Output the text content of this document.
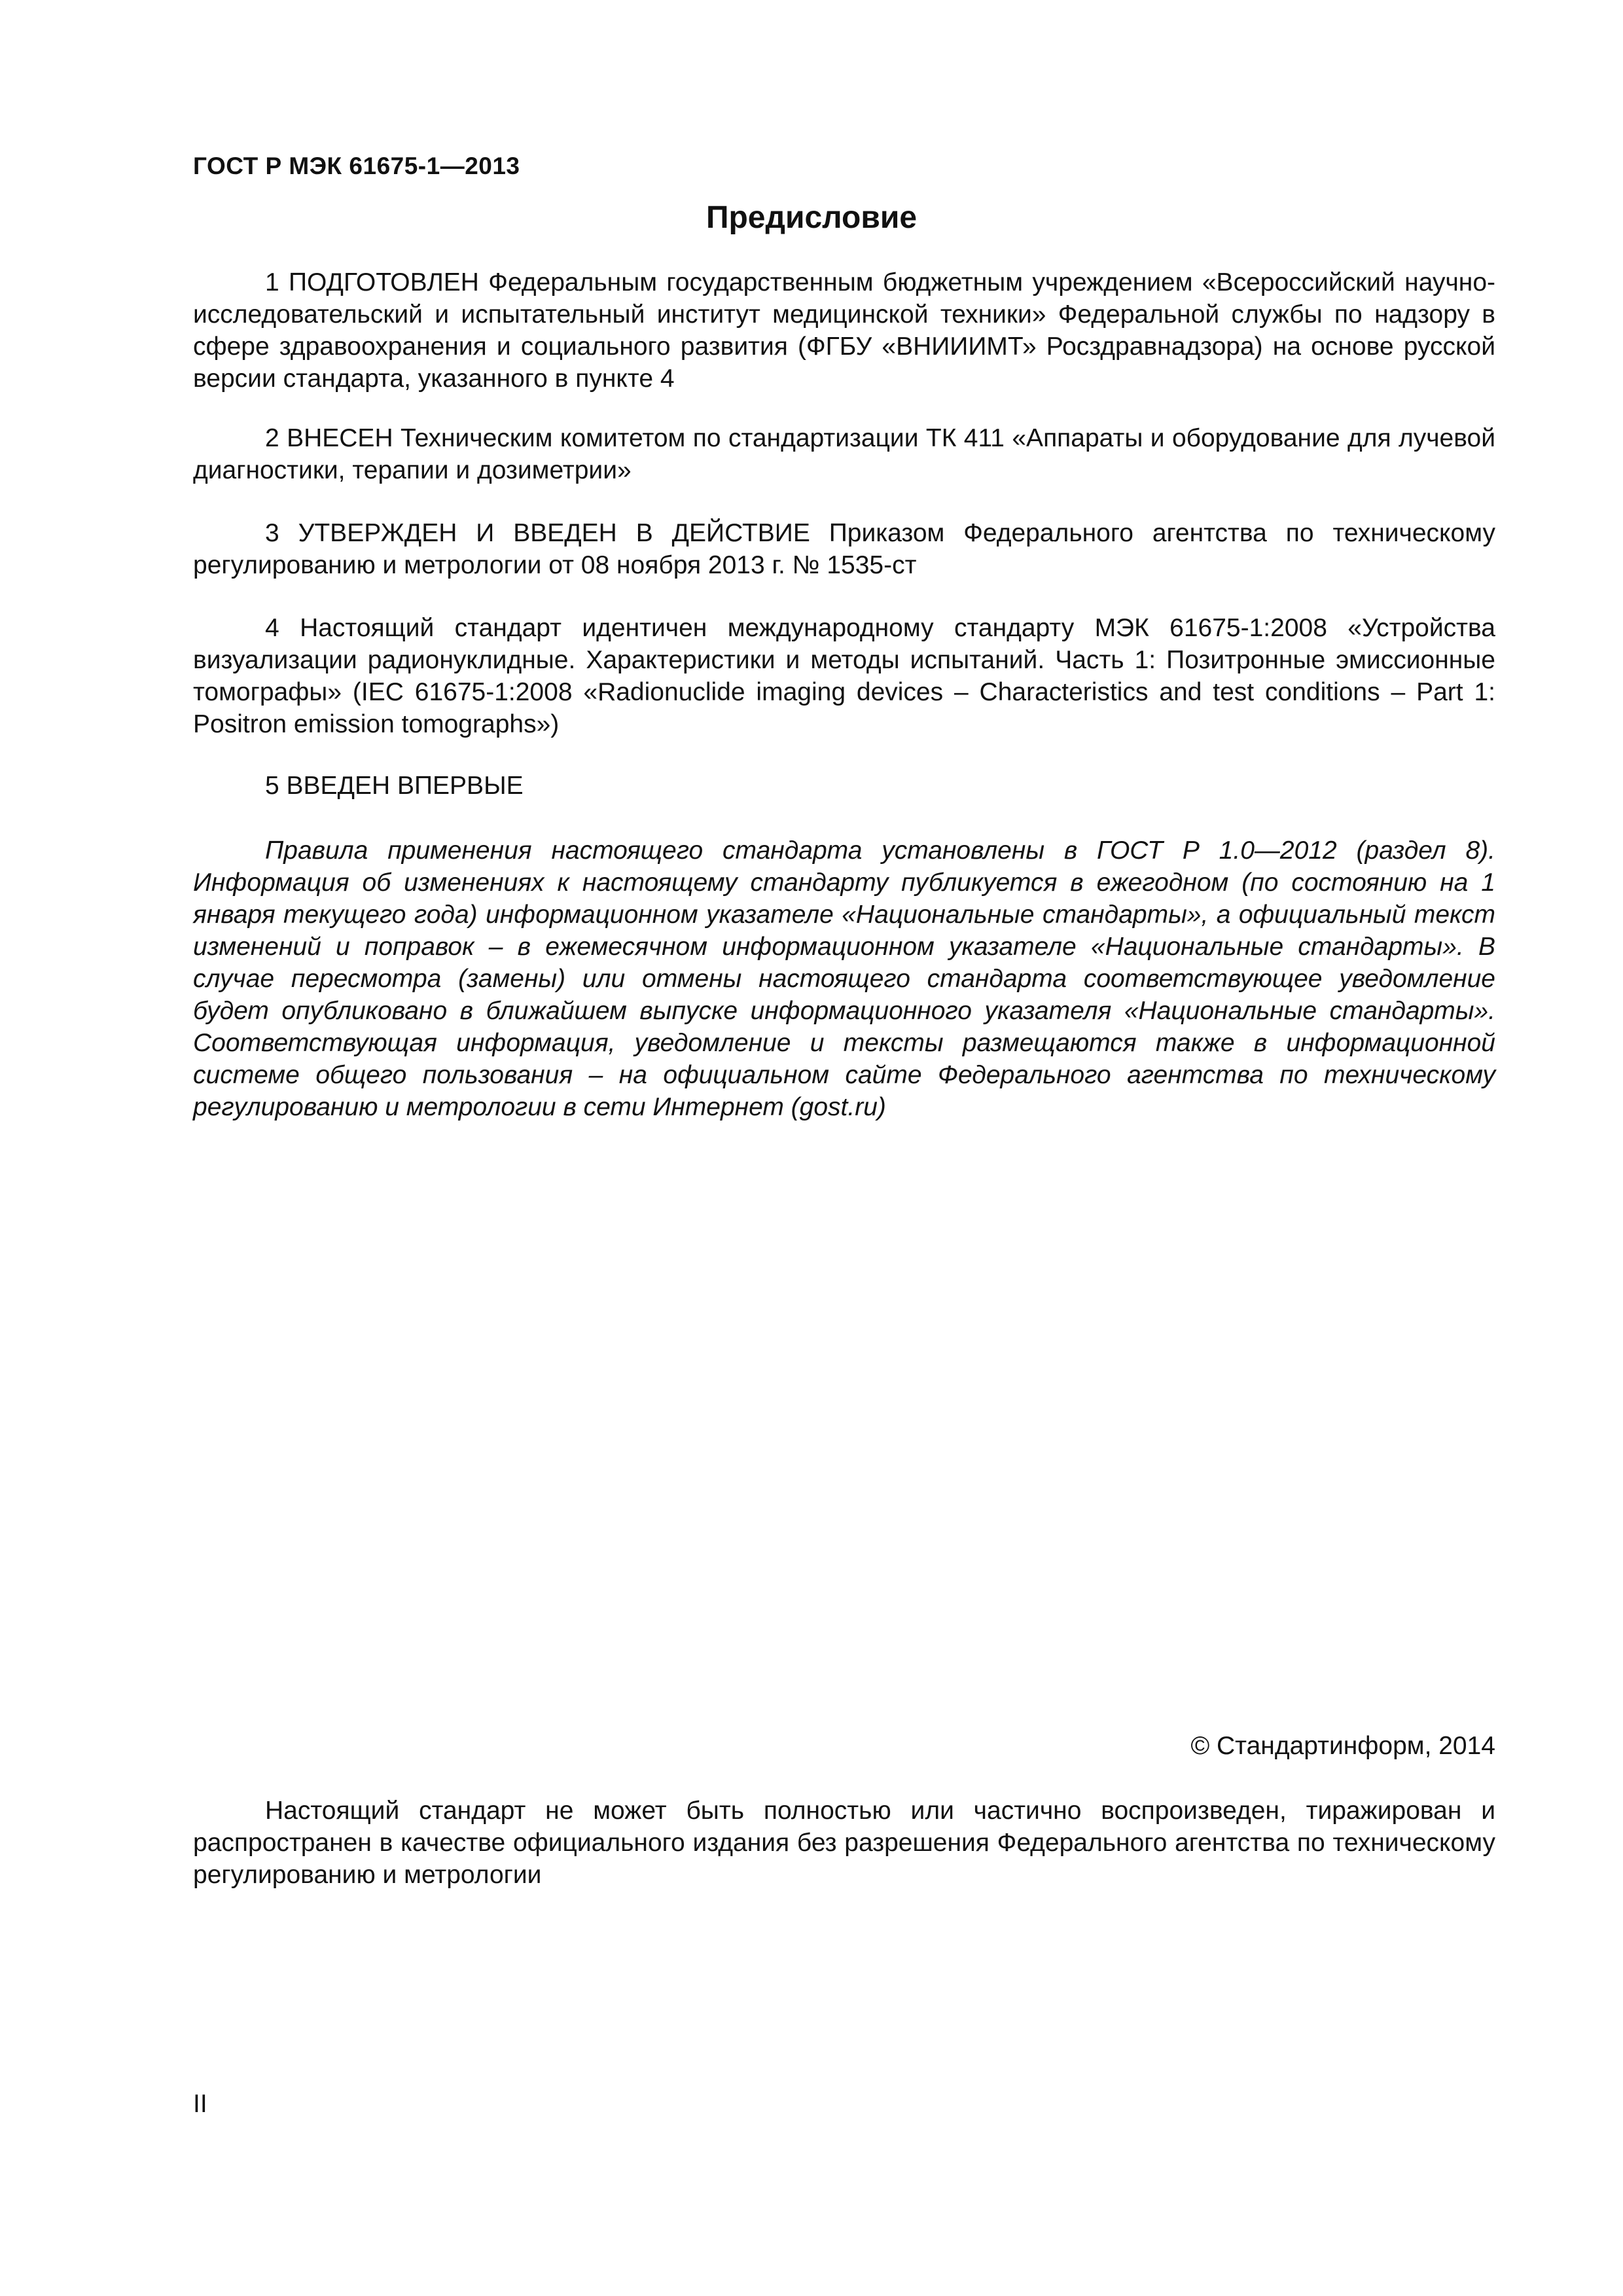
ГОСТ Р МЭК 61675-1—2013
Предисловие

1 ПОДГОТОВЛЕН Федеральным государственным бюджетным учреждением «Всероссийский научно-исследовательский и испытательный институт медицинской техники» Федеральной службы по надзору в сфере здравоохранения и социального развития (ФГБУ «ВНИИИМТ» Росздравнадзора) на основе русской версии стандарта, указанного в пункте 4

2 ВНЕСЕН Техническим комитетом по стандартизации ТК 411 «Аппараты и оборудование для лучевой диагностики, терапии и дозиметрии»

3 УТВЕРЖДЕН И ВВЕДЕН В ДЕЙСТВИЕ Приказом Федерального агентства по техническому регулированию и метрологии от 08 ноября 2013 г. № 1535-ст

4 Настоящий стандарт идентичен международному стандарту МЭК 61675-1:2008 «Устройства визуализации радионуклидные. Характеристики и методы испытаний. Часть 1: Позитронные эмиссионные томографы» (IEC 61675-1:2008 «Radionuclide imaging devices – Characteristics and test conditions – Part 1: Positron emission tomographs»)

5 ВВЕДЕН ВПЕРВЫЕ

Правила применения настоящего стандарта установлены в ГОСТ Р 1.0—2012 (раздел 8). Информация об изменениях к настоящему стандарту публикуется в ежегодном (по состоянию на 1 января текущего года) информационном указателе «Национальные стандарты», а официальный текст изменений и поправок – в ежемесячном информационном указателе «Национальные стандарты». В случае пересмотра (замены) или отмены настоящего стандарта соответствующее уведомление будет опубликовано в ближайшем выпуске информационного указателя «Национальные стандарты». Соответствующая информация, уведомление и тексты размещаются также в информационной системе общего пользования – на официальном сайте Федерального агентства по техническому регулированию и метрологии в сети Интернет (gost.ru)

© Стандартинформ, 2014

Настоящий стандарт не может быть полностью или частично воспроизведен, тиражирован и распространен в качестве официального издания без разрешения Федерального агентства по техническому регулированию и метрологии

II
